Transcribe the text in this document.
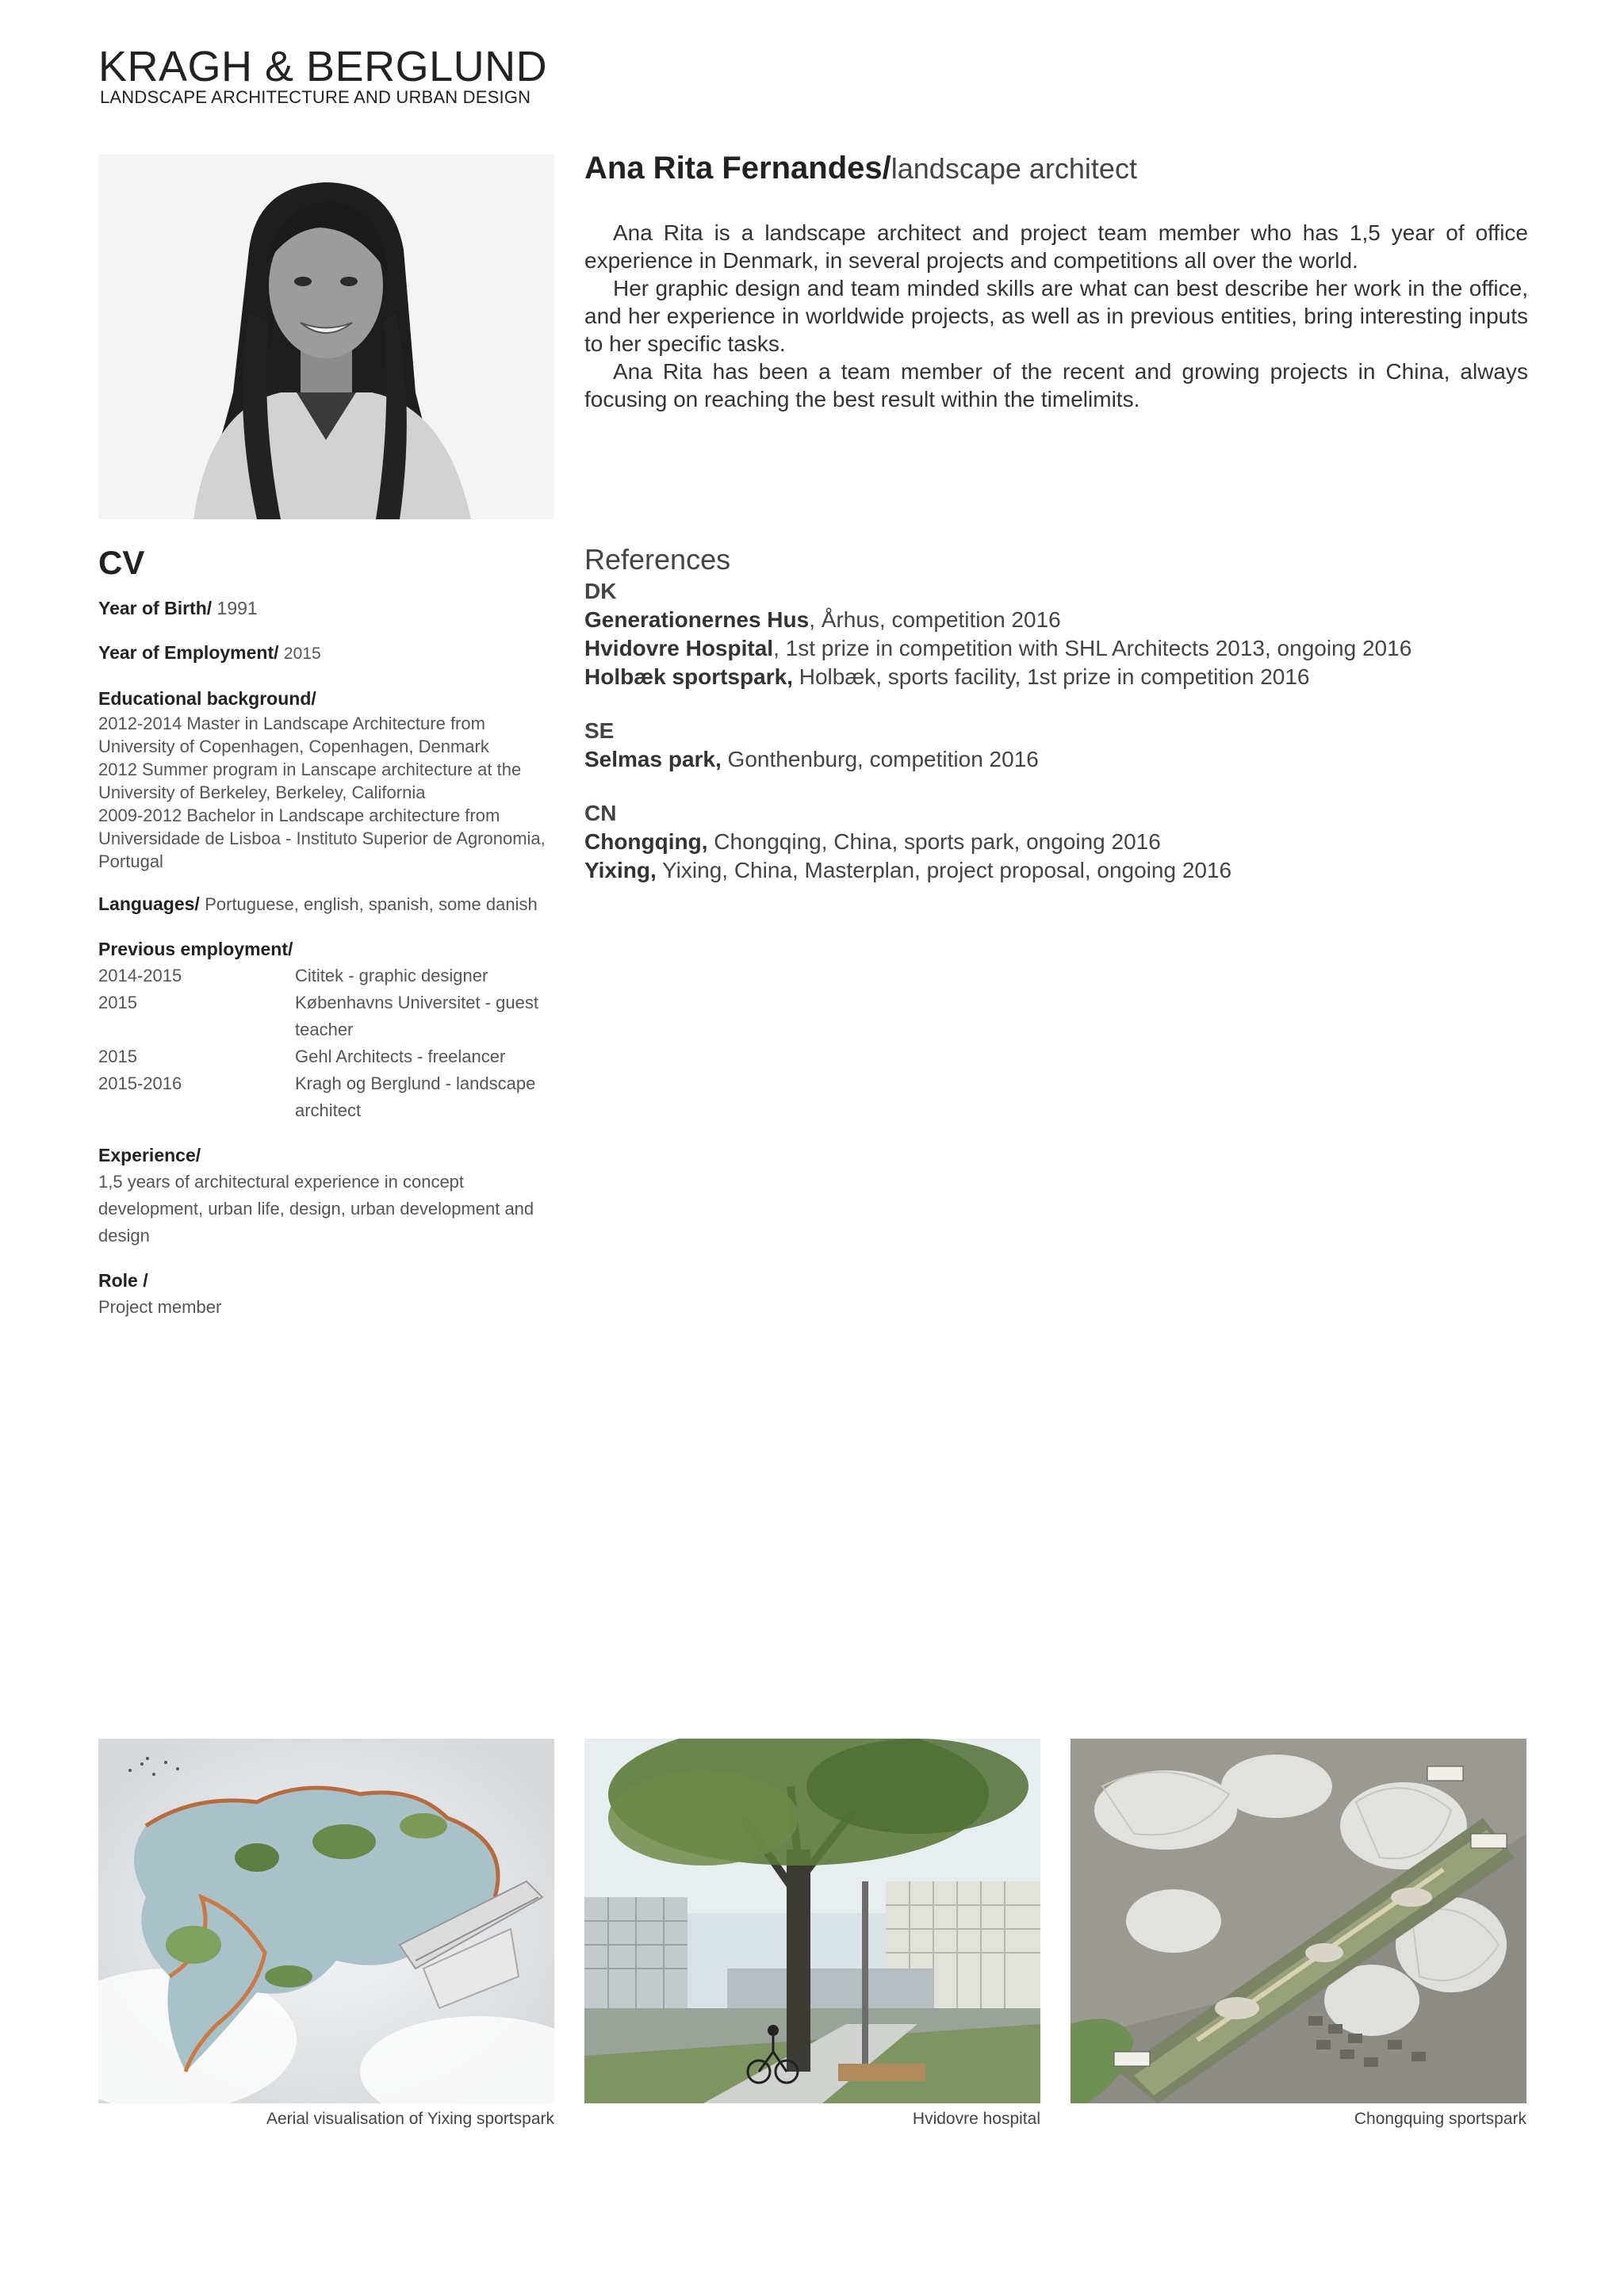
KRAGH & BERGLUND
LANDSCAPE ARCHITECTURE AND URBAN DESIGN
Ana Rita Fernandes/landscape architect

Ana Rita is a landscape architect and project team member who has 1,5 year of office experience in Denmark, in several projects and competitions all over the world.

Her graphic design and team minded skills are what can best describe her work in the office, and her experience in worldwide projects, as well as in previous entities, bring interesting inputs to her specific tasks.

Ana Rita has been a team member of the recent and growing projects in China, always focusing on reaching the best result within the timelimits.

CV
Year of Birth/ 1991
Year of Employment/ 2015
Educational background/

2012-2014 Master in Landscape Architecture from University of Copenhagen, Copenhagen, Denmark

2012 Summer program in Lanscape architecture at the University of Berkeley, Berkeley, California

2009-2012 Bachelor in Landscape architecture from Universidade de Lisboa - Instituto Superior de Agronomia, Portugal

Languages/ Portuguese, english, spanish, some danish
Previous employment/
2014-2015	Cititek - graphic designer
2015	Københavns Universitet - guest teacher
2015	Gehl Architects - freelancer
2015-2016	Kragh og Berglund - landscape architect
Experience/
1,5 years of architectural experience in concept development, urban life, design, urban development and design
Role /
Project member
References
DK
Generationernes Hus, Århus, competition 2016
Hvidovre Hospital, 1st prize in competition with SHL Architects 2013, ongoing 2016
Holbæk sportspark, Holbæk, sports facility, 1st prize in competition 2016
SE
Selmas park, Gonthenburg, competition 2016
CN
Chongqing, Chongqing, China, sports park, ongoing 2016
Yixing, Yixing, China, Masterplan, project proposal, ongoing 2016
Aerial visualisation of Yixing sportspark	Hvidovre hospital	Chongquing sportspark
